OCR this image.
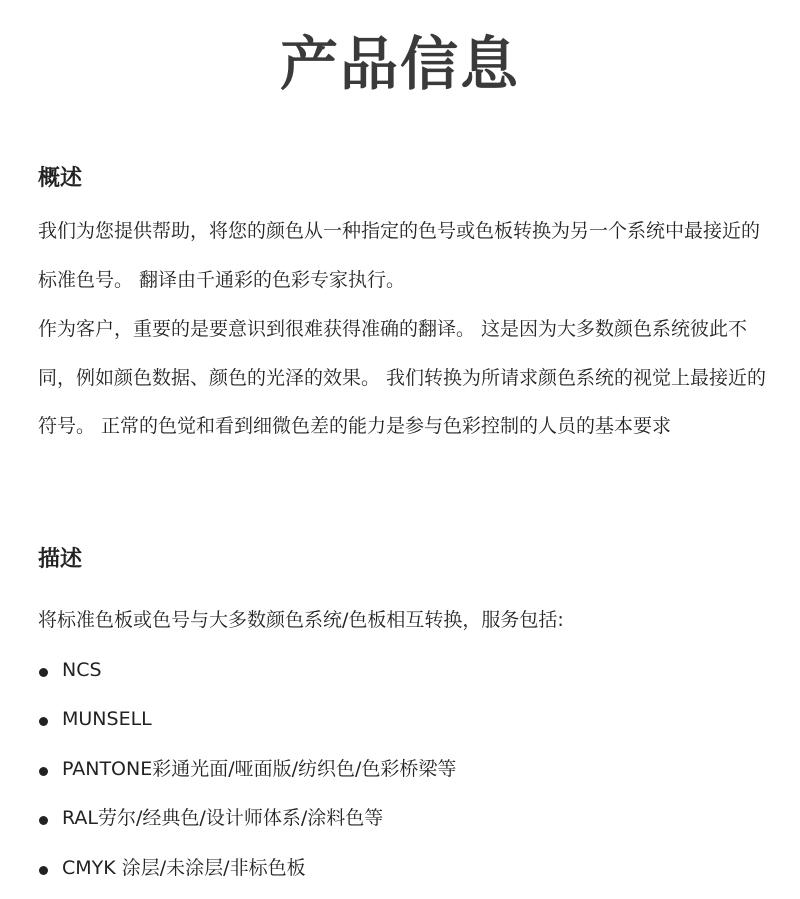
产品信息
概述

我们为您提供帮助，将您的颜色从一种指定的色号或色板转换为另一个系统中最接近的标准色号。 翻译由千通彩的色彩专家执行。

作为客户，重要的是要意识到很难获得准确的翻译。 这是因为大多数颜色系统彼此不同，例如颜色数据、颜色的光泽的效果。 我们转换为所请求颜色系统的视觉上最接近的符号。 正常的色觉和看到细微色差的能力是参与色彩控制的人员的基本要求

描述
将标准色板或色号与大多数颜色系统/色板相互转换，服务包括:
NCS
MUNSELL
PANTONE彩通光面/哑面版/纺织色/色彩桥梁等
RAL劳尔/经典色/设计师体系/涂料色等
CMYK 涂层/未涂层/非标色板
